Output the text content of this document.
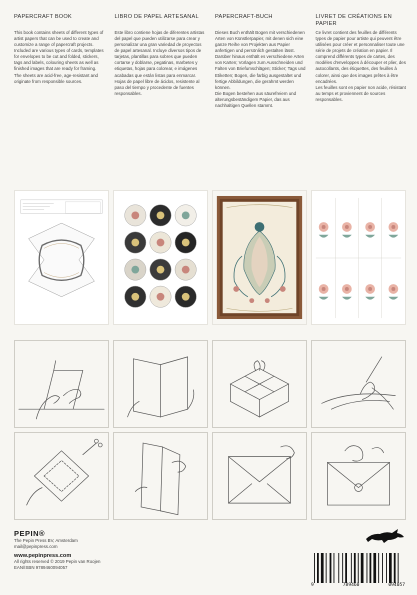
PAPERCRAFT BOOK

This book contains sheets of different types of artist papers that can be used to create and customize a range of papercraft projects. Included are various types of cards, templates for envelopes to be cut and folded, stickers, tags and labels, colouring sheets as well as finished images that are ready for framing.
The sheets are acid-free, age-resistant and originate from responsible sources.

LIBRO DE PAPEL ARTESANAL

Este libro contiene hojas de diferentes artistas del papel que pueden utilizarse para crear y personalizar una gran variedad de proyectos de papel artesanal. Incluye diversos tipos de tarjetas, plantillas para sobres que pueden cortarse y doblarse, pegatinas, marbetes y etiquetas, hojas para colorear, e imágenes acabadas que están listas para enmarcar.
Hojas de papel libre de ácidos, resistente al paso del tiempo y procedente de fuentes responsables.

PAPERCRAFT-BUCH

Dieses Buch enthält Bogen mit verschiedenen Arten von Künstlerpapier, mit denen sich eine ganze Reihe von Projekten aus Papier anfertigen und persönlich gestalten lässt. Darüber hinaus enthält es verschiedene Arten von Karten; Vorlagen zum Ausschneiden und Falten von Briefumschlägen; Sticker; Tags und Etiketten; Bogen, die farbig ausgestaltet und fertige Abbildungen, die gerahmt werden können.
Die Bogen bestehen aus säurefreiem und alterungsbeständigem Papier, das aus nachhaltigen Quellen stammt.

LIVRET DE CRÉATIONS EN PAPIER

Ce livret contient des feuilles de différents types de papier pour artiste qui peuvent être utilisées pour créer et personnaliser toute une série de projets de création en papier. Il comprend différents types de cartes, des modèles d'enveloppes à découper et plier, des autocollants, des étiquettes, des feuilles à colorer, ainsi que des images prêtes à être encadrées.
Les feuilles sont en papier non acide, résistant au temps et proviennent de sources responsables.

PEPIN®
The Pepin Press BV, Amsterdam
mail@pepinpress.com
www.pepinpress.com
All rights reserved © 2019 Pepin van Roojen
EAN/ISBN 9789460094057
9	789460	094057
